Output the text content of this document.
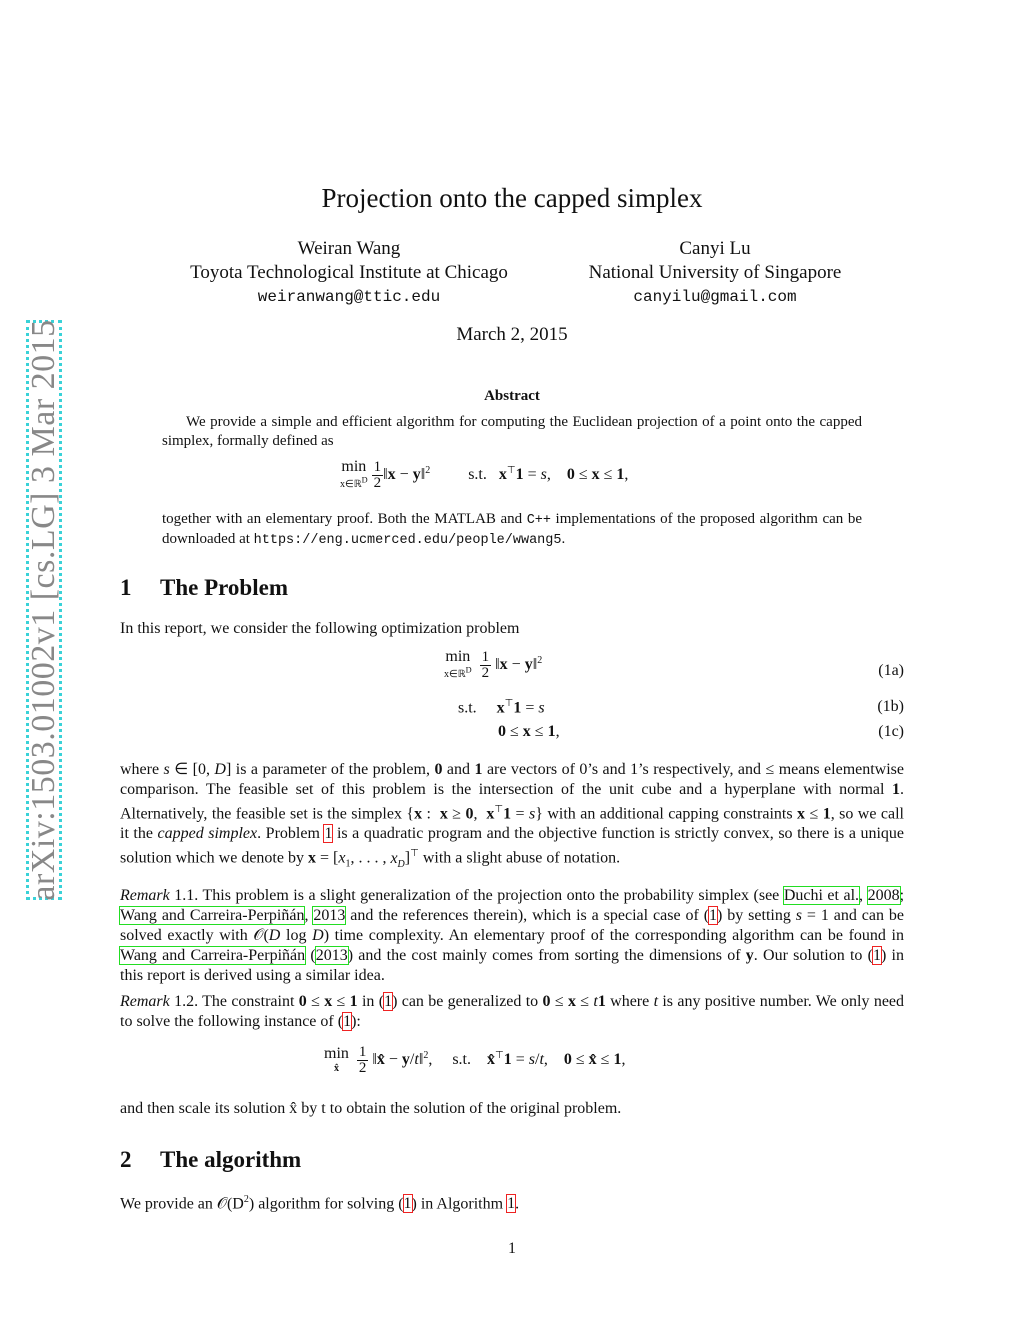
arXiv:1503.01002v1 [cs.LG] 3 Mar 2015
Projection onto the capped simplex
Weiran Wang
Toyota Technological Institute at Chicago
weiranwang@ttic.edu
Canyi Lu
National University of Singapore
canyilu@gmail.com
March 2, 2015
Abstract
We provide a simple and efficient algorithm for computing the Euclidean projection of a point onto the capped simplex, formally defined as
min
x∈ℝ$^D$ $\frac{1}{2}$ ‖x − y‖$^2$ s.t.   x⊤1 = s,    0 ≤ x ≤ 1,
together with an elementary proof. Both the MATLAB and C++ implementations of the proposed algorithm can be downloaded at https://eng.ucmerced.edu/people/wwang5.
1 The Problem
In this report, we consider the following optimization problem
min
x∈ℝ$^D$ $\frac{1}{2}$ ‖x − y‖$^2$
(1a)
s.t.     x⊤1 = s	(1b)
0 ≤ x ≤ 1,	(1c)
where s ∈ [0, D] is a parameter of the problem, 0 and 1 are vectors of 0’s and 1’s respectively, and ≤ means elementwise comparison. The feasible set of this problem is the intersection of the unit cube and a hyperplane with normal 1. Alternatively, the feasible set is the simplex {x :  x ≥ 0,  x⊤1 = s} with an additional capping constraints x ≤ 1, so we call it the capped simplex. Problem 1 is a quadratic program and the objective function is strictly convex, so there is a unique solution which we denote by $x = [x_1$, . . . , $x_D]^⊤$ with a slight abuse of notation.
Remark 1.1. This problem is a slight generalization of the projection onto the probability simplex (see Duchi et al., 2008; Wang and Carreira-Perpiñán, 2013 and the references therein), which is a special case of (1) by setting s = 1 and can be solved exactly with 𝒪(D log D) time complexity. An elementary proof of the corresponding algorithm can be found in Wang and Carreira-Perpiñán (2013) and the cost mainly comes from sorting the dimensions of y. Our solution to (1) in this report is derived using a similar idea.
Remark 1.2. The constraint 0 ≤ x ≤ 1 in (1) can be generalized to 0 ≤ x ≤ t1 where t is any positive number. We only need to solve the following instance of (1):
min
x̂ $\frac{1}{2}$ ‖x̂ − y/t‖$^2$,     s.t.    x̂⊤1 = s/t,    0 ≤ x̂ ≤ 1,
and then scale its solution x̂ by t to obtain the solution of the original problem.
2 The algorithm
We provide an $𝒪(D^2)$ algorithm for solving (1) in Algorithm 1.
1
